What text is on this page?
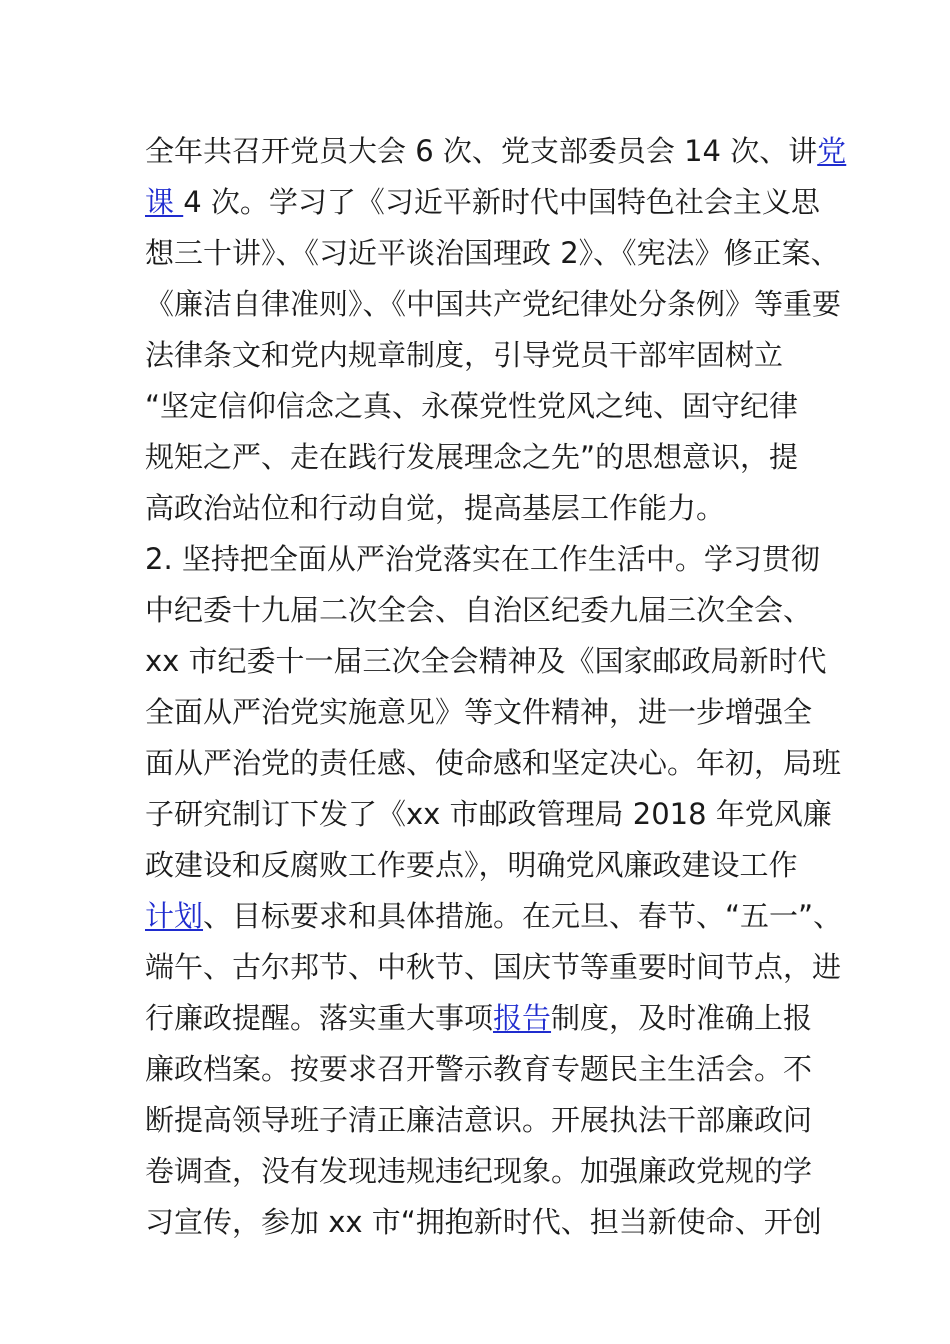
全年共召开党员大会 6 次、党支部委员会 14 次、讲党
课 4 次。学习了《习近平新时代中国特色社会主义思
想三十讲》、《习近平谈治国理政 2》、《宪法》修正案、
《廉洁自律准则》、《中国共产党纪律处分条例》等重要
法律条文和党内规章制度，引导党员干部牢固树立
“坚定信仰信念之真、永葆党性党风之纯、固守纪律
规矩之严、走在践行发展理念之先”的思想意识，提
高政治站位和行动自觉，提高基层工作能力。
2. 坚持把全面从严治党落实在工作生活中。学习贯彻
中纪委十九届二次全会、自治区纪委九届三次全会、
xx 市纪委十一届三次全会精神及《国家邮政局新时代
全面从严治党实施意见》等文件精神，进一步增强全
面从严治党的责任感、使命感和坚定决心。年初，局班
子研究制订下发了《xx 市邮政管理局 2018 年党风廉
政建设和反腐败工作要点》，明确党风廉政建设工作
计划、目标要求和具体措施。在元旦、春节、“五一”、
端午、古尔邦节、中秋节、国庆节等重要时间节点，进
行廉政提醒。落实重大事项报告制度，及时准确上报
廉政档案。按要求召开警示教育专题民主生活会。不
断提高领导班子清正廉洁意识。开展执法干部廉政问
卷调查，没有发现违规违纪现象。加强廉政党规的学
习宣传，参加 xx 市“拥抱新时代、担当新使命、开创
